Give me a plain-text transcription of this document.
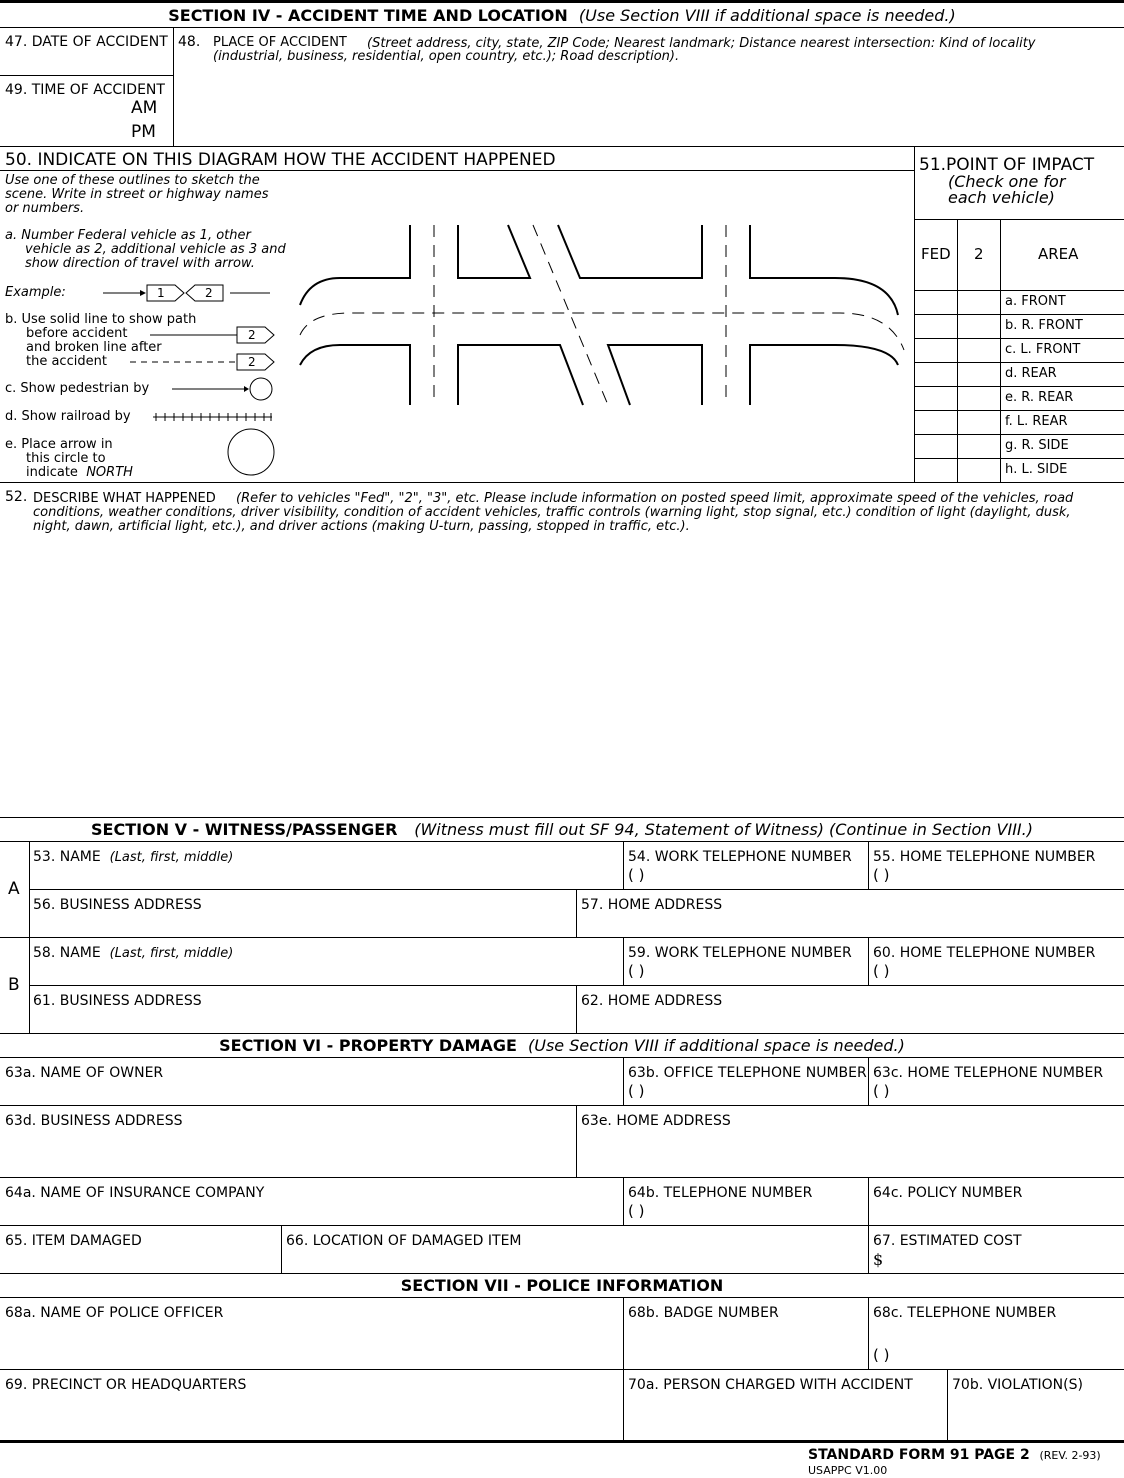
SECTION IV - ACCIDENT TIME AND LOCATION (Use Section VIII if additional space is needed.)
47. DATE OF ACCIDENT 48. PLACE OF ACCIDENT (Street address, city, state, ZIP Code; Nearest landmark; Distance nearest intersection: Kind of locality
(industrial, business, residential, open country, etc.); Road description).
49. TIME OF ACCIDENT
AM
PM
50. INDICATE ON THIS DIAGRAM HOW THE ACCIDENT HAPPENED
Use one of these outlines to sketch the
scene. Write in street or highway names
or numbers.
a. Number Federal vehicle as 1, other
vehicle as 2, additional vehicle as 3 and
show direction of travel with arrow.
Example:
b. Use solid line to show path
before accident
and broken line after
the accident
c. Show pedestrian by
d. Show railroad by
e. Place arrow in
this circle to
indicate NORTH
1	2
2
2
51.POINT OF IMPACT
(Check one for
each vehicle)
FED 2	AREA
a. FRONT
b. R. FRONT
c. L. FRONT
d. REAR
e. R. REAR
f. L. REAR
g. R. SIDE
h. L. SIDE
52. DESCRIBE WHAT HAPPENED (Refer to vehicles "Fed", "2", "3", etc. Please include information on posted speed limit, approximate speed of the vehicles, road
conditions, weather conditions, driver visibility, condition of accident vehicles, traffic controls (warning light, stop signal, etc.) condition of light (daylight, dusk,
night, dawn, artificial light, etc.), and driver actions (making U-turn, passing, stopped in traffic, etc.).
SECTION V - WITNESS/PASSENGER (Witness must fill out SF 94, Statement of Witness) (Continue in Section VIII.)
A
B
53. NAME (Last, first, middle)	54. WORK TELEPHONE NUMBER
( )
55. HOME TELEPHONE NUMBER
( )
56. BUSINESS ADDRESS	57. HOME ADDRESS
58. NAME (Last, first, middle)	59. WORK TELEPHONE NUMBER
( )
60. HOME TELEPHONE NUMBER
( )
61. BUSINESS ADDRESS	62. HOME ADDRESS
SECTION VI - PROPERTY DAMAGE (Use Section VIII if additional space is needed.)
63a. NAME OF OWNER	63b. OFFICE TELEPHONE NUMBER
( )
63c. HOME TELEPHONE NUMBER
( )
63d. BUSINESS ADDRESS	63e. HOME ADDRESS
64a. NAME OF INSURANCE COMPANY	64b. TELEPHONE NUMBER
( )
64c. POLICY NUMBER
65. ITEM DAMAGED	66. LOCATION OF DAMAGED ITEM	67. ESTIMATED COST
$
SECTION VII - POLICE INFORMATION
68a. NAME OF POLICE OFFICER	68b. BADGE NUMBER	68c. TELEPHONE NUMBER
( )
69. PRECINCT OR HEADQUARTERS	70a. PERSON CHARGED WITH ACCIDENT	70b. VIOLATION(S)
STANDARD FORM 91 PAGE 2 (REV. 2-93)
USAPPC V1.00
